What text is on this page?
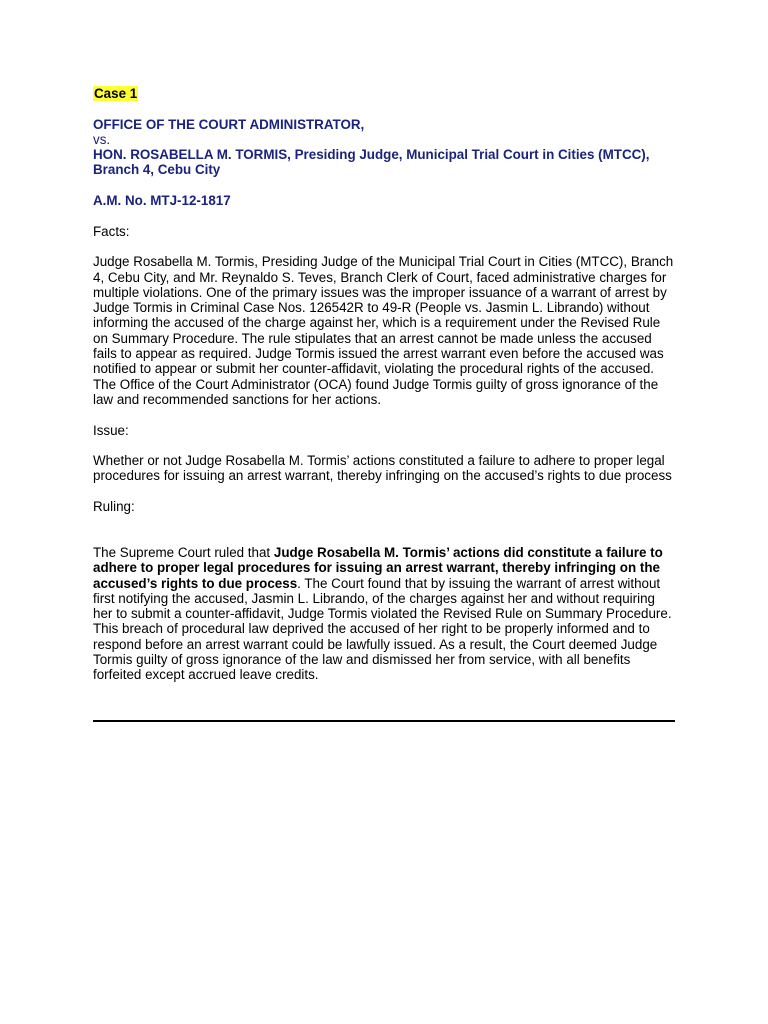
Case 1

OFFICE OF THE COURT ADMINISTRATOR,

vs.

HON. ROSABELLA M. TORMIS, Presiding Judge, Municipal Trial Court in Cities (MTCC), Branch 4, Cebu City

A.M. No. MTJ-12-1817

Facts:

Judge Rosabella M. Tormis, Presiding Judge of the Municipal Trial Court in Cities (MTCC), Branch 4, Cebu City, and Mr. Reynaldo S. Teves, Branch Clerk of Court, faced administrative charges for multiple violations. One of the primary issues was the improper issuance of a warrant of arrest by Judge Tormis in Criminal Case Nos. 126542R to 49-R (People vs. Jasmin L. Librando) without informing the accused of the charge against her, which is a requirement under the Revised Rule on Summary Procedure. The rule stipulates that an arrest cannot be made unless the accused fails to appear as required. Judge Tormis issued the arrest warrant even before the accused was notified to appear or submit her counter-affidavit, violating the procedural rights of the accused. The Office of the Court Administrator (OCA) found Judge Tormis guilty of gross ignorance of the law and recommended sanctions for her actions.

Issue:

Whether or not Judge Rosabella M. Tormis’ actions constituted a failure to adhere to proper legal procedures for issuing an arrest warrant, thereby infringing on the accused’s rights to due process

Ruling:

The Supreme Court ruled that Judge Rosabella M. Tormis’ actions did constitute a failure to adhere to proper legal procedures for issuing an arrest warrant, thereby infringing on the accused’s rights to due process. The Court found that by issuing the warrant of arrest without first notifying the accused, Jasmin L. Librando, of the charges against her and without requiring her to submit a counter-affidavit, Judge Tormis violated the Revised Rule on Summary Procedure. This breach of procedural law deprived the accused of her right to be properly informed and to respond before an arrest warrant could be lawfully issued. As a result, the Court deemed Judge Tormis guilty of gross ignorance of the law and dismissed her from service, with all benefits forfeited except accrued leave credits.
